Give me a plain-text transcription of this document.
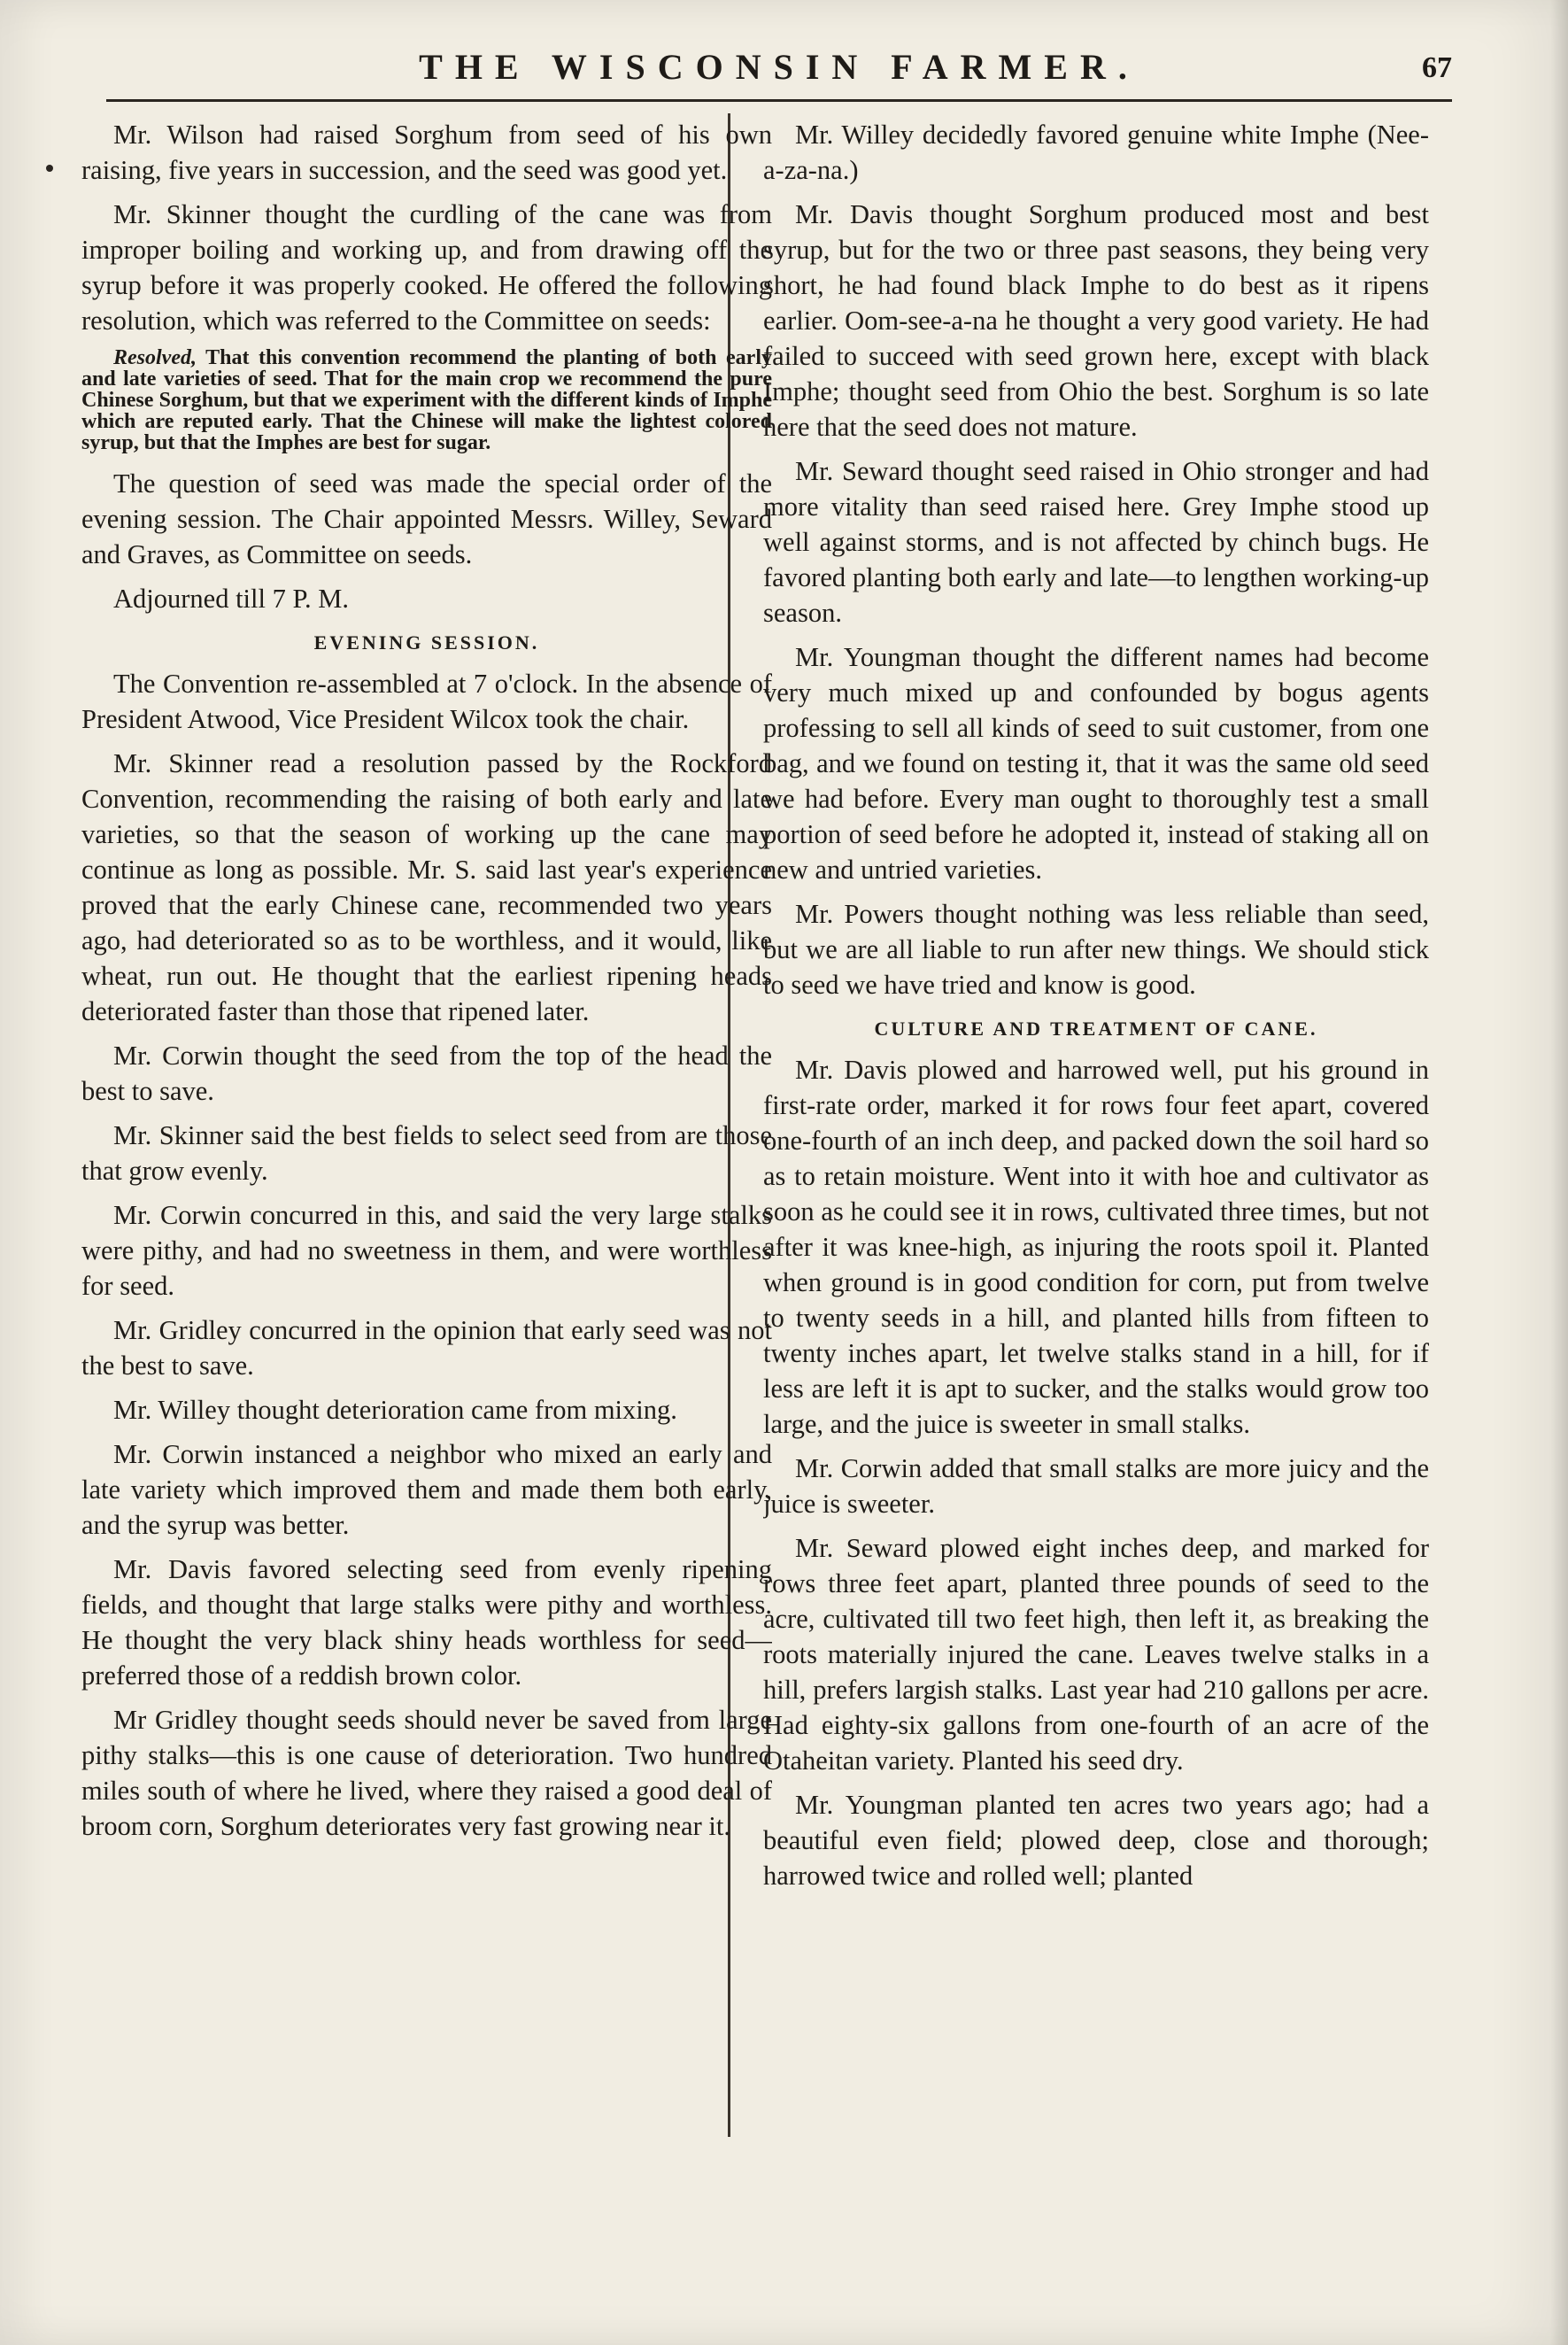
THE WISCONSIN FARMER.	67

Mr. Wilson had raised Sorghum from seed of his own raising, five years in succession, and the seed was good yet.

Mr. Skinner thought the curdling of the cane was from improper boiling and working up, and from drawing off the syrup before it was properly cooked. He offered the following resolution, which was referred to the Committee on seeds:

Resolved, That this convention recommend the planting of both early and late varieties of seed. That for the main crop we recommend the pure Chinese Sorghum, but that we experiment with the different kinds of Imphe which are reputed early. That the Chinese will make the lightest colored syrup, but that the Imphes are best for sugar.

The question of seed was made the special order of the evening session. The Chair appointed Messrs. Willey, Seward and Graves, as Committee on seeds.

Adjourned till 7 P. M.

EVENING SESSION.

The Convention re-assembled at 7 o'clock. In the absence of President Atwood, Vice President Wilcox took the chair.

Mr. Skinner read a resolution passed by the Rockford Convention, recommending the raising of both early and late varieties, so that the season of working up the cane may continue as long as possible. Mr. S. said last year's experience proved that the early Chinese cane, recommended two years ago, had deteriorated so as to be worthless, and it would, like wheat, run out. He thought that the earliest ripening heads deteriorated faster than those that ripened later.

Mr. Corwin thought the seed from the top of the head the best to save.

Mr. Skinner said the best fields to select seed from are those that grow evenly.

Mr. Corwin concurred in this, and said the very large stalks were pithy, and had no sweetness in them, and were worthless for seed.

Mr. Gridley concurred in the opinion that early seed was not the best to save.

Mr. Willey thought deterioration came from mixing.

Mr. Corwin instanced a neighbor who mixed an early and late variety which improved them and made them both early, and the syrup was better.

Mr. Davis favored selecting seed from evenly ripening fields, and thought that large stalks were pithy and worthless. He thought the very black shiny heads worthless for seed—preferred those of a reddish brown color.

Mr Gridley thought seeds should never be saved from large pithy stalks—this is one cause of deterioration. Two hundred miles south of where he lived, where they raised a good deal of broom corn, Sorghum deteriorates very fast growing near it.

Mr. Willey decidedly favored genuine white Imphe (Nee-a-za-na.)

Mr. Davis thought Sorghum produced most and best syrup, but for the two or three past seasons, they being very short, he had found black Imphe to do best as it ripens earlier. Oom-see-a-na he thought a very good variety. He had failed to succeed with seed grown here, except with black Imphe; thought seed from Ohio the best. Sorghum is so late here that the seed does not mature.

Mr. Seward thought seed raised in Ohio stronger and had more vitality than seed raised here. Grey Imphe stood up well against storms, and is not affected by chinch bugs. He favored planting both early and late—to lengthen working-up season.

Mr. Youngman thought the different names had become very much mixed up and confounded by bogus agents professing to sell all kinds of seed to suit customer, from one bag, and we found on testing it, that it was the same old seed we had before. Every man ought to thoroughly test a small portion of seed before he adopted it, instead of staking all on new and untried varieties.

Mr. Powers thought nothing was less reliable than seed, but we are all liable to run after new things. We should stick to seed we have tried and know is good.

CULTURE AND TREATMENT OF CANE.

Mr. Davis plowed and harrowed well, put his ground in first-rate order, marked it for rows four feet apart, covered one-fourth of an inch deep, and packed down the soil hard so as to retain moisture. Went into it with hoe and cultivator as soon as he could see it in rows, cultivated three times, but not after it was knee-high, as injuring the roots spoil it. Planted when ground is in good condition for corn, put from twelve to twenty seeds in a hill, and planted hills from fifteen to twenty inches apart, let twelve stalks stand in a hill, for if less are left it is apt to sucker, and the stalks would grow too large, and the juice is sweeter in small stalks.

Mr. Corwin added that small stalks are more juicy and the juice is sweeter.

Mr. Seward plowed eight inches deep, and marked for rows three feet apart, planted three pounds of seed to the acre, cultivated till two feet high, then left it, as breaking the roots materially injured the cane. Leaves twelve stalks in a hill, prefers largish stalks. Last year had 210 gallons per acre. Had eighty-six gallons from one-fourth of an acre of the Otaheitan variety. Planted his seed dry.

Mr. Youngman planted ten acres two years ago; had a beautiful even field; plowed deep, close and thorough; harrowed twice and rolled well; planted
